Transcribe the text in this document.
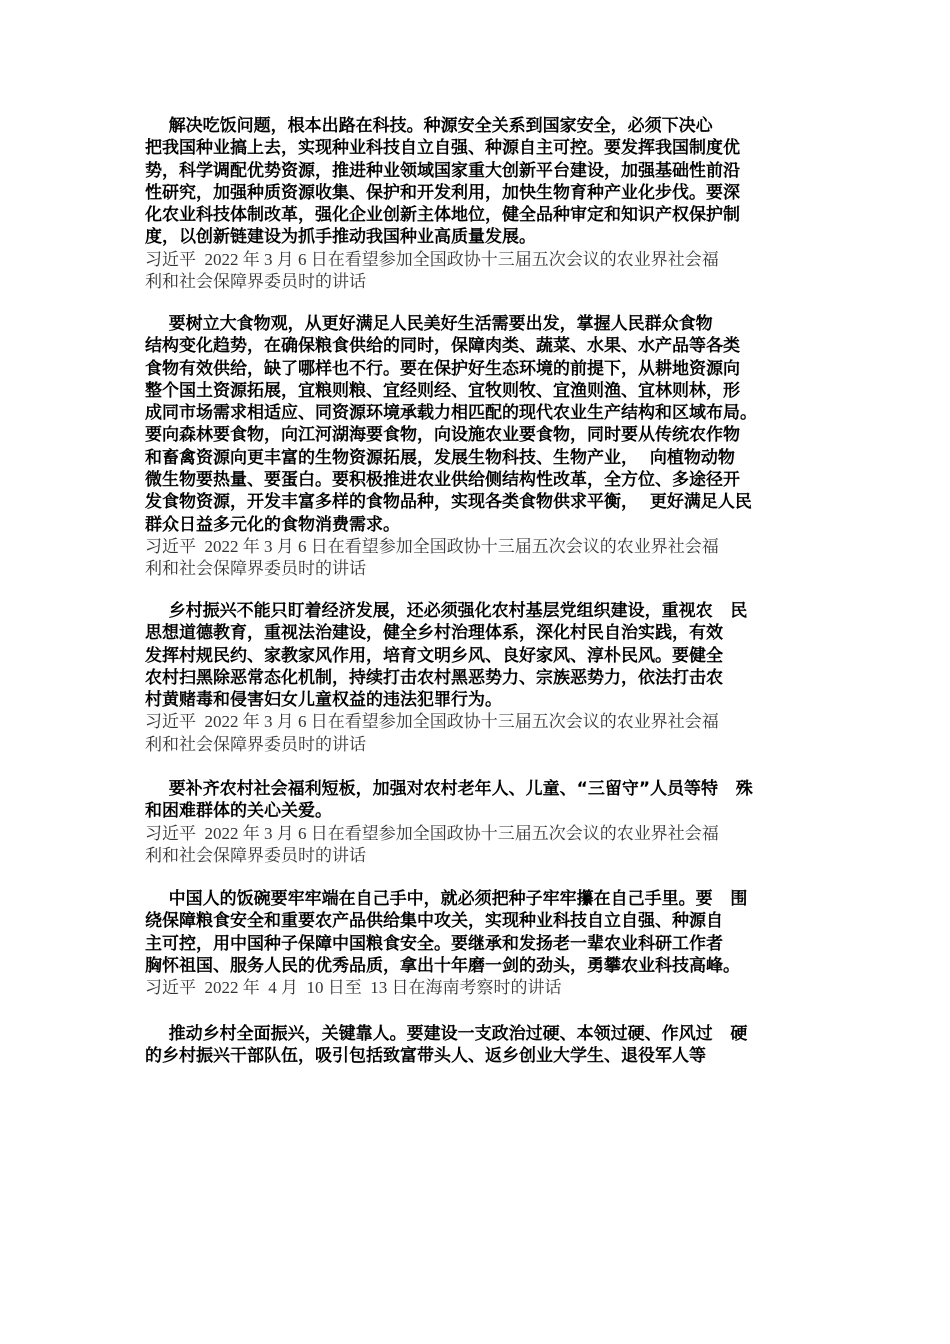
解决吃饭问题，根本出路在科技。种源安全关系到国家安全，必须下决心
把我国种业搞上去，实现种业科技自立自强、种源自主可控。要发挥我国制度优
势，科学调配优势资源，推进种业领域国家重大创新平台建设，加强基础性前沿
性研究，加强种质资源收集、保护和开发利用，加快生物育种产业化步伐。要深
化农业科技体制改革，强化企业创新主体地位，健全品种审定和知识产权保护制
度，以创新链建设为抓手推动我国种业高质量发展。
习近平  2022 年 3 月 6 日在看望参加全国政协十三届五次会议的农业界社会福
利和社会保障界委员时的讲话
要树立大食物观，从更好满足人民美好生活需要出发，掌握人民群众食物
结构变化趋势，在确保粮食供给的同时，保障肉类、蔬菜、水果、水产品等各类
食物有效供给，缺了哪样也不行。要在保护好生态环境的前提下，从耕地资源向
整个国土资源拓展，宜粮则粮、宜经则经、宜牧则牧、宜渔则渔、宜林则林，形
成同市场需求相适应、同资源环境承载力相匹配的现代农业生产结构和区域布局。
要向森林要食物，向江河湖海要食物，向设施农业要食物，同时要从传统农作物
和畜禽资源向更丰富的生物资源拓展，发展生物科技、生物产业，  向植物动物
微生物要热量、要蛋白。要积极推进农业供给侧结构性改革，全方位、多途径开
发食物资源，开发丰富多样的食物品种，实现各类食物供求平衡，  更好满足人民
群众日益多元化的食物消费需求。
习近平  2022 年 3 月 6 日在看望参加全国政协十三届五次会议的农业界社会福
利和社会保障界委员时的讲话
乡村振兴不能只盯着经济发展，还必须强化农村基层党组织建设，重视农   民
思想道德教育，重视法治建设，健全乡村治理体系，深化村民自治实践，有效
发挥村规民约、家教家风作用，培育文明乡风、良好家风、淳朴民风。要健全
农村扫黑除恶常态化机制，持续打击农村黑恶势力、宗族恶势力，依法打击农
村黄赌毒和侵害妇女儿童权益的违法犯罪行为。
习近平  2022 年 3 月 6 日在看望参加全国政协十三届五次会议的农业界社会福
利和社会保障界委员时的讲话
要补齐农村社会福利短板，加强对农村老年人、儿童、“三留守”人员等特   殊
和困难群体的关心关爱。
习近平  2022 年 3 月 6 日在看望参加全国政协十三届五次会议的农业界社会福
利和社会保障界委员时的讲话
中国人的饭碗要牢牢端在自己手中，就必须把种子牢牢攥在自己手里。要   围
绕保障粮食安全和重要农产品供给集中攻关，实现种业科技自立自强、种源自
主可控，用中国种子保障中国粮食安全。要继承和发扬老一辈农业科研工作者
胸怀祖国、服务人民的优秀品质，拿出十年磨一剑的劲头，勇攀农业科技高峰。
习近平  2022 年  4 月  10 日至  13 日在海南考察时的讲话
推动乡村全面振兴，关键靠人。要建设一支政治过硬、本领过硬、作风过   硬
的乡村振兴干部队伍，吸引包括致富带头人、返乡创业大学生、退役军人等
